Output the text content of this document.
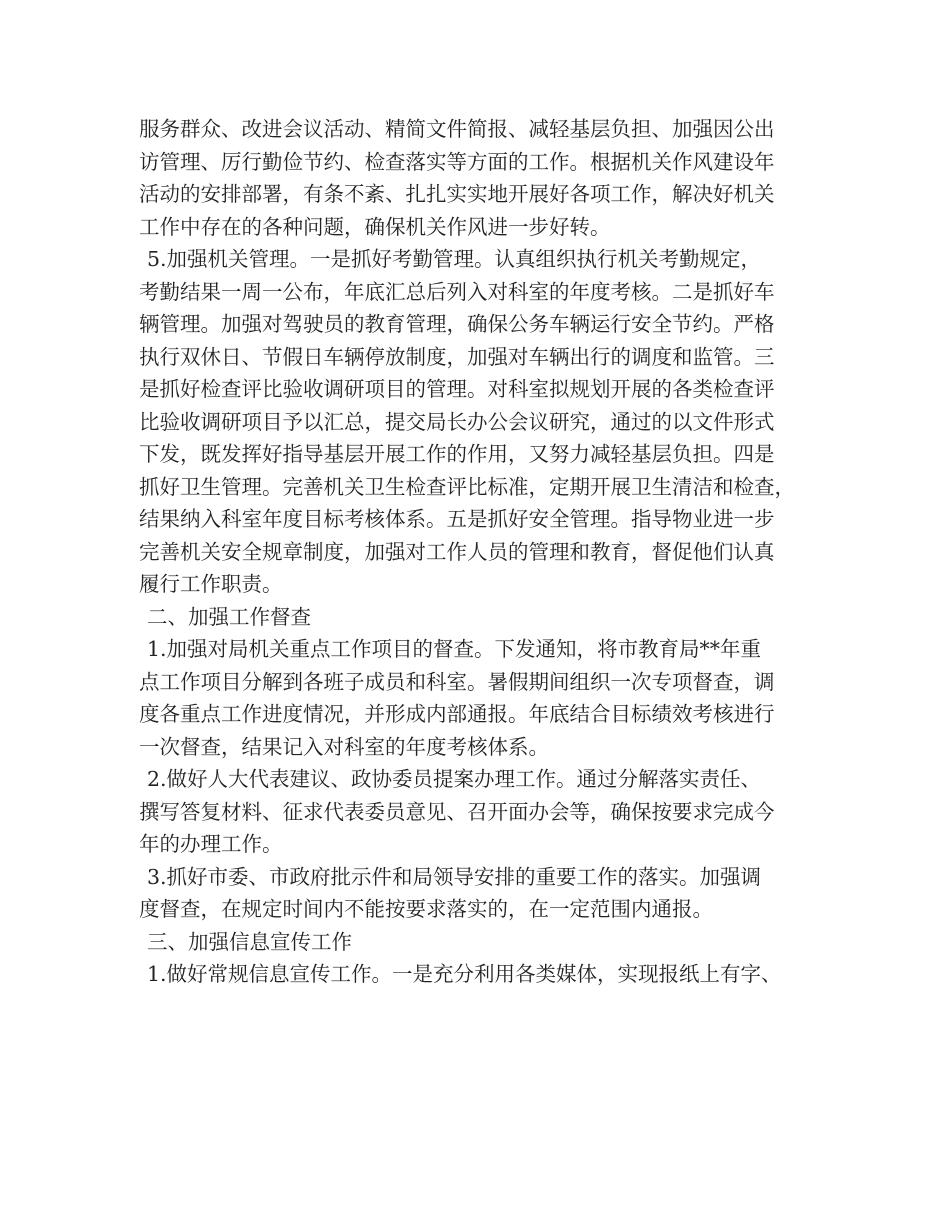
服务群众、改进会议活动、精简文件简报、减轻基层负担、加强因公出
访管理、厉行勤俭节约、检查落实等方面的工作。根据机关作风建设年
活动的安排部署，有条不紊、扎扎实实地开展好各项工作，解决好机关
工作中存在的各种问题，确保机关作风进一步好转。
5.加强机关管理。一是抓好考勤管理。认真组织执行机关考勤规定，
考勤结果一周一公布，年底汇总后列入对科室的年度考核。二是抓好车
辆管理。加强对驾驶员的教育管理，确保公务车辆运行安全节约。严格
执行双休日、节假日车辆停放制度，加强对车辆出行的调度和监管。三
是抓好检查评比验收调研项目的管理。对科室拟规划开展的各类检查评
比验收调研项目予以汇总，提交局长办公会议研究，通过的以文件形式
下发，既发挥好指导基层开展工作的作用，又努力减轻基层负担。四是
抓好卫生管理。完善机关卫生检查评比标准，定期开展卫生清洁和检查，
结果纳入科室年度目标考核体系。五是抓好安全管理。指导物业进一步
完善机关安全规章制度，加强对工作人员的管理和教育，督促他们认真
履行工作职责。
二、加强工作督查
1.加强对局机关重点工作项目的督查。下发通知，将市教育局**年重
点工作项目分解到各班子成员和科室。暑假期间组织一次专项督查，调
度各重点工作进度情况，并形成内部通报。年底结合目标绩效考核进行
一次督查，结果记入对科室的年度考核体系。
2.做好人大代表建议、政协委员提案办理工作。通过分解落实责任、
撰写答复材料、征求代表委员意见、召开面办会等，确保按要求完成今
年的办理工作。
3.抓好市委、市政府批示件和局领导安排的重要工作的落实。加强调
度督查，在规定时间内不能按要求落实的，在一定范围内通报。
三、加强信息宣传工作
1.做好常规信息宣传工作。一是充分利用各类媒体，实现报纸上有字、
